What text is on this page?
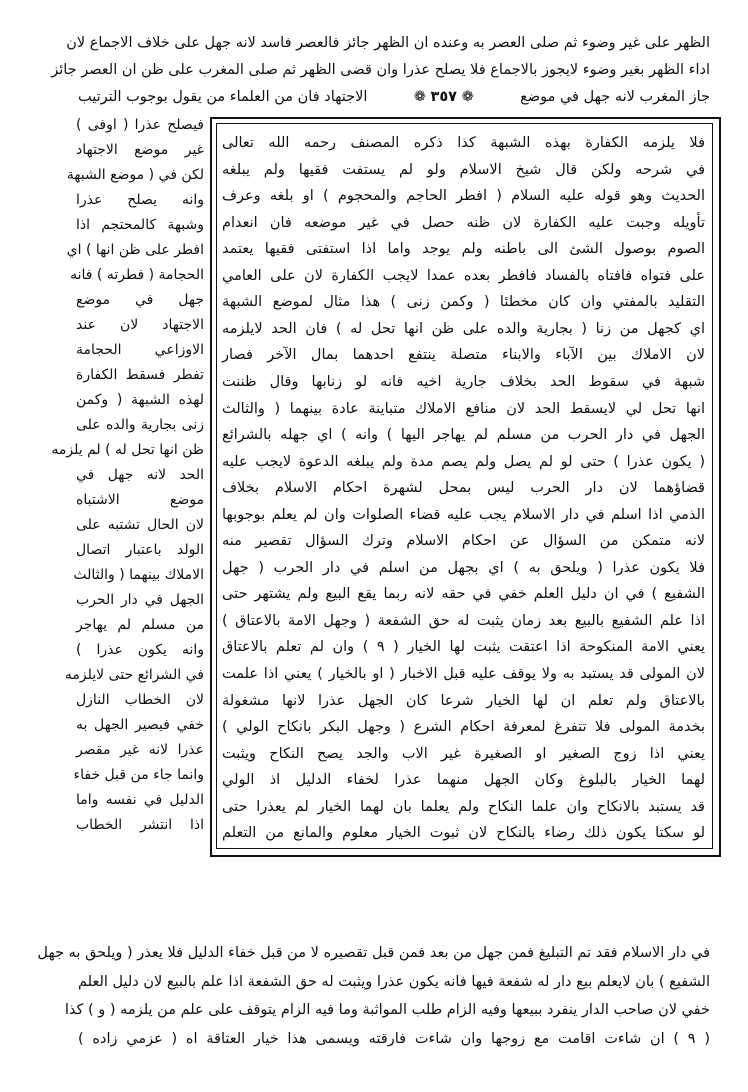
الظهر على غير وضوء ثم صلى العصر به وعنده ان الظهر جائز فالعصر فاسد لانه جهل على خلاف الاجماع لان
اداء الظهر بغير وضوء لايجوز بالاجماع فلا يصلح عذرا وان قضى الظهر ثم صلى المغرب على ظن ان العصر جائز
جاز المغرب لانه جهل في موضع
❁ ٣٥٧ ❁
الاجتهاد فان من العلماء من يقول بوجوب الترتيب
فلا يلزمه الكفارة بهذه الشبهة كذا ذكره المصنف رحمه الله تعالى
في شرحه ولكن قال شيخ الاسلام ولو لم يستفت فقيها ولم يبلغه
الحديث وهو قوله عليه السلام ( افطر الحاجم والمحجوم ) او بلغه وعرف
تأويله وجبت عليه الكفارة لان ظنه حصل في غير موضعه فان انعدام
الصوم بوصول الشئ الى باطنه ولم يوجد واما اذا استفتى فقيها يعتمد
على فتواه فافتاه بالفساد فافطر بعده عمدا لايجب الكفارة لان على العامي
التقليد بالمفتي وان كان مخطئا ( وكمن زنى ) هذا مثال لموضع الشبهة
اي كجهل من زنا ( بجارية والده على ظن انها تحل له ) فان الحد لايلزمه
لان الاملاك بين الآباء والابناء متصلة ينتفع احدهما بمال الآخر فصار
شبهة في سقوط الحد بخلاف جارية اخيه فانه لو زنابها وقال ظننت
انها تحل لي لايسقط الحد لان منافع الاملاك متباينة عادة بينهما ( والثالث
الجهل في دار الحرب من مسلم لم يهاجر اليها ) وانه ) اي جهله بالشرائع
( يكون عذرا ) حتى لو لم يصل ولم يصم مدة ولم يبلغه الدعوة لايجب عليه
قضاؤهما لان دار الحرب ليس بمحل لشهرة احكام الاسلام بخلاف
الذمي اذا اسلم في دار الاسلام يجب عليه قضاء الصلوات وان لم يعلم بوجوبها
لانه متمكن من السؤال عن احكام الاسلام وترك السؤال تقصير منه
فلا يكون عذرا ( ويلحق به ) اي بجهل من اسلم في دار الحرب ( جهل
الشفيع ) في ان دليل العلم خفي في حقه لانه ربما يقع البيع ولم يشتهر حتى
اذا علم الشفيع بالبيع بعد زمان يثبت له حق الشفعة ( وجهل الامة بالاعتاق )
يعني الامة المنكوحة اذا اعتقت يثبت لها الخيار ( ٩ ) وان لم تعلم بالاعتاق
لان المولى قد يستبد به ولا يوقف عليه قبل الاخبار ( او بالخيار ) يعني اذا علمت
بالاعتاق ولم تعلم ان لها الخيار شرعا كان الجهل عذرا لانها مشغولة
بخدمة المولى فلا تتفرغ لمعرفة احكام الشرع ( وجهل البكر بانكاح الولي )
يعني اذا زوج الصغير او الصغيرة غير الاب والجد يصح النكاح ويثبت
لهما الخيار بالبلوغ وكان الجهل منهما عذرا لخفاء الدليل اذ الولي
قد يستبد بالانكاح وان علما النكاح ولم يعلما بان لهما الخيار لم يعذرا حتى
لو سكتا يكون ذلك رضاء بالنكاح لان ثبوت الخيار معلوم والمانع من التعلم
فيصلح عذرا ( اوفى )
غير موضع الاجتهاد
لكن في ( موضع الشبهة
وانه يصلح عذرا
وشبهة كالمحتجم اذا
افطر على ظن انها ) اي
الحجامة ( فطرته ) فانه
جهل في موضع
الاجتهاد لان عند
الاوزاعي الحجامة
تفطر فسقط الكفارة
لهذه الشبهة ( وكمن
زنى بجارية والده على
ظن انها تحل له ) لم يلزمه
الحد لانه جهل في
موضع الاشتباه
لان الحال تشتبه على
الولد باعتبار اتصال
الاملاك بينهما ( والثالث
الجهل في دار الحرب
من مسلم لم يهاجر
وانه يكون عذرا )
في الشرائع حتى لايلزمه
لان الخطاب النازل
خفي فيصير الجهل به
عذرا لانه غير مقصر
وانما جاء من قبل خفاء
الدليل في نفسه واما
اذا انتشر الخطاب
في دار الاسلام فقد تم التبليغ فمن جهل من بعد فمن قبل تقصيره لا من قبل خفاء الدليل فلا يعذر ( ويلحق به جهل
الشفيع ) بان لايعلم بيع دار له شفعة فيها فانه يكون عذرا ويثبت له حق الشفعة اذا علم بالبيع لان دليل العلم
خفي لان صاحب الدار ينفرد ببيعها وفيه الزام طلب المواثبة وما فيه الزام يتوقف على علم من يلزمه ( و ) كذا
( ٩ ) ان شاءت اقامت مع زوجها وان شاءت فارقته ويسمى هذا خيار العتاقة اه ( عزمي زاده )
